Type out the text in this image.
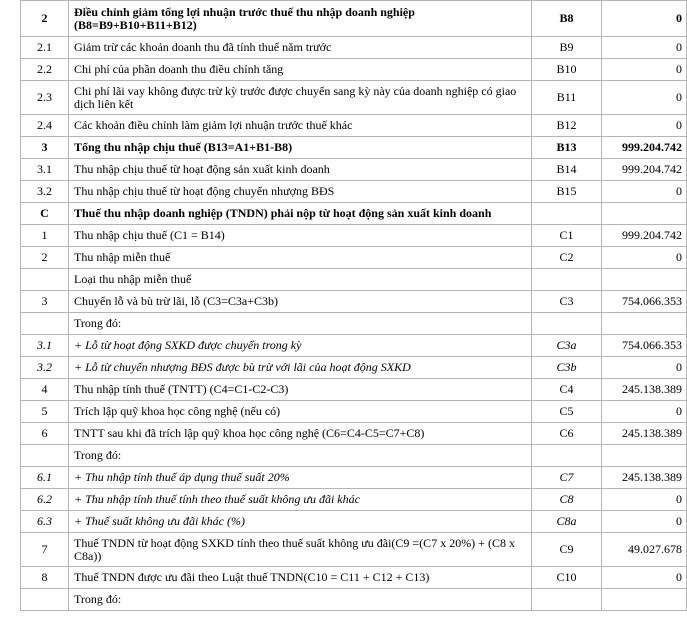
2	Điều chỉnh giảm tổng lợi nhuận trước thuế thu nhập doanh nghiệp (B8=B9+B10+B11+B12)	B8	0
2.1	Giảm trừ các khoản doanh thu đã tính thuế năm trước	B9	0
2.2	Chi phí của phần doanh thu điều chỉnh tăng	B10	0
2.3	Chi phí lãi vay không được trừ kỳ trước được chuyển sang kỳ này của doanh nghiệp có giao dịch liên kết	B11	0
2.4	Các khoản điều chỉnh làm giảm lợi nhuận trước thuế khác	B12	0
3	Tổng thu nhập chịu thuế (B13=A1+B1-B8)	B13	999.204.742
3.1	Thu nhập chịu thuế từ hoạt động sản xuất kinh doanh	B14	999.204.742
3.2	Thu nhập chịu thuế từ hoạt động chuyển nhượng BĐS	B15	0
C	Thuế thu nhập doanh nghiệp (TNDN) phải nộp từ hoạt động sản xuất kinh doanh		
1	Thu nhập chịu thuế (C1 = B14)	C1	999.204.742
2	Thu nhập miễn thuế	C2	0
	Loại thu nhập miễn thuế		
3	Chuyển lỗ và bù trừ lãi, lỗ (C3=C3a+C3b)	C3	754.066.353
	Trong đó:		
3.1	+ Lỗ từ hoạt động SXKD được chuyển trong kỳ	C3a	754.066.353
3.2	+ Lỗ từ chuyển nhượng BĐS được bù trừ với lãi của hoạt động SXKD	C3b	0
4	Thu nhập tính thuế (TNTT) (C4=C1-C2-C3)	C4	245.138.389
5	Trích lập quỹ khoa học công nghệ (nếu có)	C5	0
6	TNTT sau khi đã trích lập quỹ khoa học công nghệ (C6=C4-C5=C7+C8)	C6	245.138.389
	Trong đó:		
6.1	+ Thu nhập tính thuế áp dụng thuế suất 20%	C7	245.138.389
6.2	+ Thu nhập tính thuế tính theo thuế suất không ưu đãi khác	C8	0
6.3	+ Thuế suất không ưu đãi khác (%)	C8a	0
7	Thuế TNDN từ hoạt động SXKD tính theo thuế suất không ưu đãi(C9 =(C7 x 20%) + (C8 x C8a))	C9	49.027.678
8	Thuế TNDN được ưu đãi theo Luật thuế TNDN(C10 = C11 + C12 + C13)	C10	0
	Trong đó:		
